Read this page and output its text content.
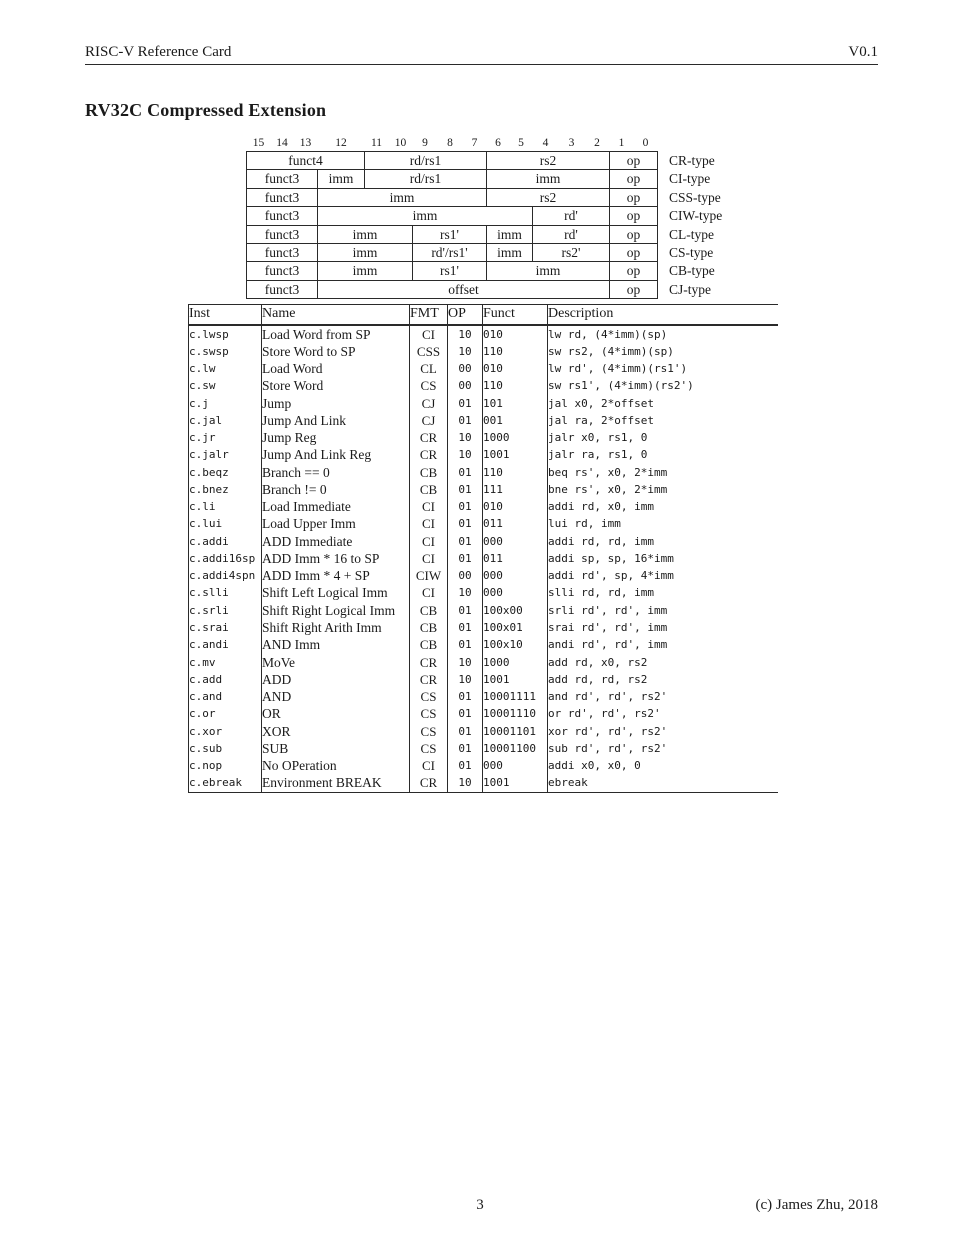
RISC-V Reference Card	V0.1
RV32C Compressed Extension
15	14	13	12	11	10	9	8	7	6	5	4	3	2	1	0	
funct4				rd/rs1					rs2					op		CR-type
funct3			imm	rd/rs1					imm					op		CI-type
funct3			imm						rs2					op		CSS-type
funct3			imm								rd'			op		CIW-type
funct3			imm			rs1'			imm		rd'			op		CL-type
funct3			imm			rd'/rs1'			imm		rs2'			op		CS-type
funct3			imm			rs1'			imm					op		CB-type
funct3			offset											op		CJ-type
Inst	Name	FMT	OP	Funct	Description
c.lwsp	Load Word from SP	CI	10	010	lw rd, (4*imm)(sp)
c.swsp	Store Word to SP	CSS	10	110	sw rs2, (4*imm)(sp)
c.lw	Load Word	CL	00	010	lw rd', (4*imm)(rs1')
c.sw	Store Word	CS	00	110	sw rs1', (4*imm)(rs2')
c.j	Jump	CJ	01	101	jal x0, 2*offset
c.jal	Jump And Link	CJ	01	001	jal ra, 2*offset
c.jr	Jump Reg	CR	10	1000	jalr x0, rs1, 0
c.jalr	Jump And Link Reg	CR	10	1001	jalr ra, rs1, 0
c.beqz	Branch == 0	CB	01	110	beq rs', x0, 2*imm
c.bnez	Branch != 0	CB	01	111	bne rs', x0, 2*imm
c.li	Load Immediate	CI	01	010	addi rd, x0, imm
c.lui	Load Upper Imm	CI	01	011	lui rd, imm
c.addi	ADD Immediate	CI	01	000	addi rd, rd, imm
c.addi16sp	ADD Imm * 16 to SP	CI	01	011	addi sp, sp, 16*imm
c.addi4spn	ADD Imm * 4 + SP	CIW	00	000	addi rd', sp, 4*imm
c.slli	Shift Left Logical Imm	CI	10	000	slli rd, rd, imm
c.srli	Shift Right Logical Imm	CB	01	100x00	srli rd', rd', imm
c.srai	Shift Right Arith Imm	CB	01	100x01	srai rd', rd', imm
c.andi	AND Imm	CB	01	100x10	andi rd', rd', imm
c.mv	MoVe	CR	10	1000	add rd, x0, rs2
c.add	ADD	CR	10	1001	add rd, rd, rs2
c.and	AND	CS	01	10001111	and rd', rd', rs2'
c.or	OR	CS	01	10001110	or rd', rd', rs2'
c.xor	XOR	CS	01	10001101	xor rd', rd', rs2'
c.sub	SUB	CS	01	10001100	sub rd', rd', rs2'
c.nop	No OPeration	CI	01	000	addi x0, x0, 0
c.ebreak	Environment BREAK	CR	10	1001	ebreak
3	(c) James Zhu, 2018
